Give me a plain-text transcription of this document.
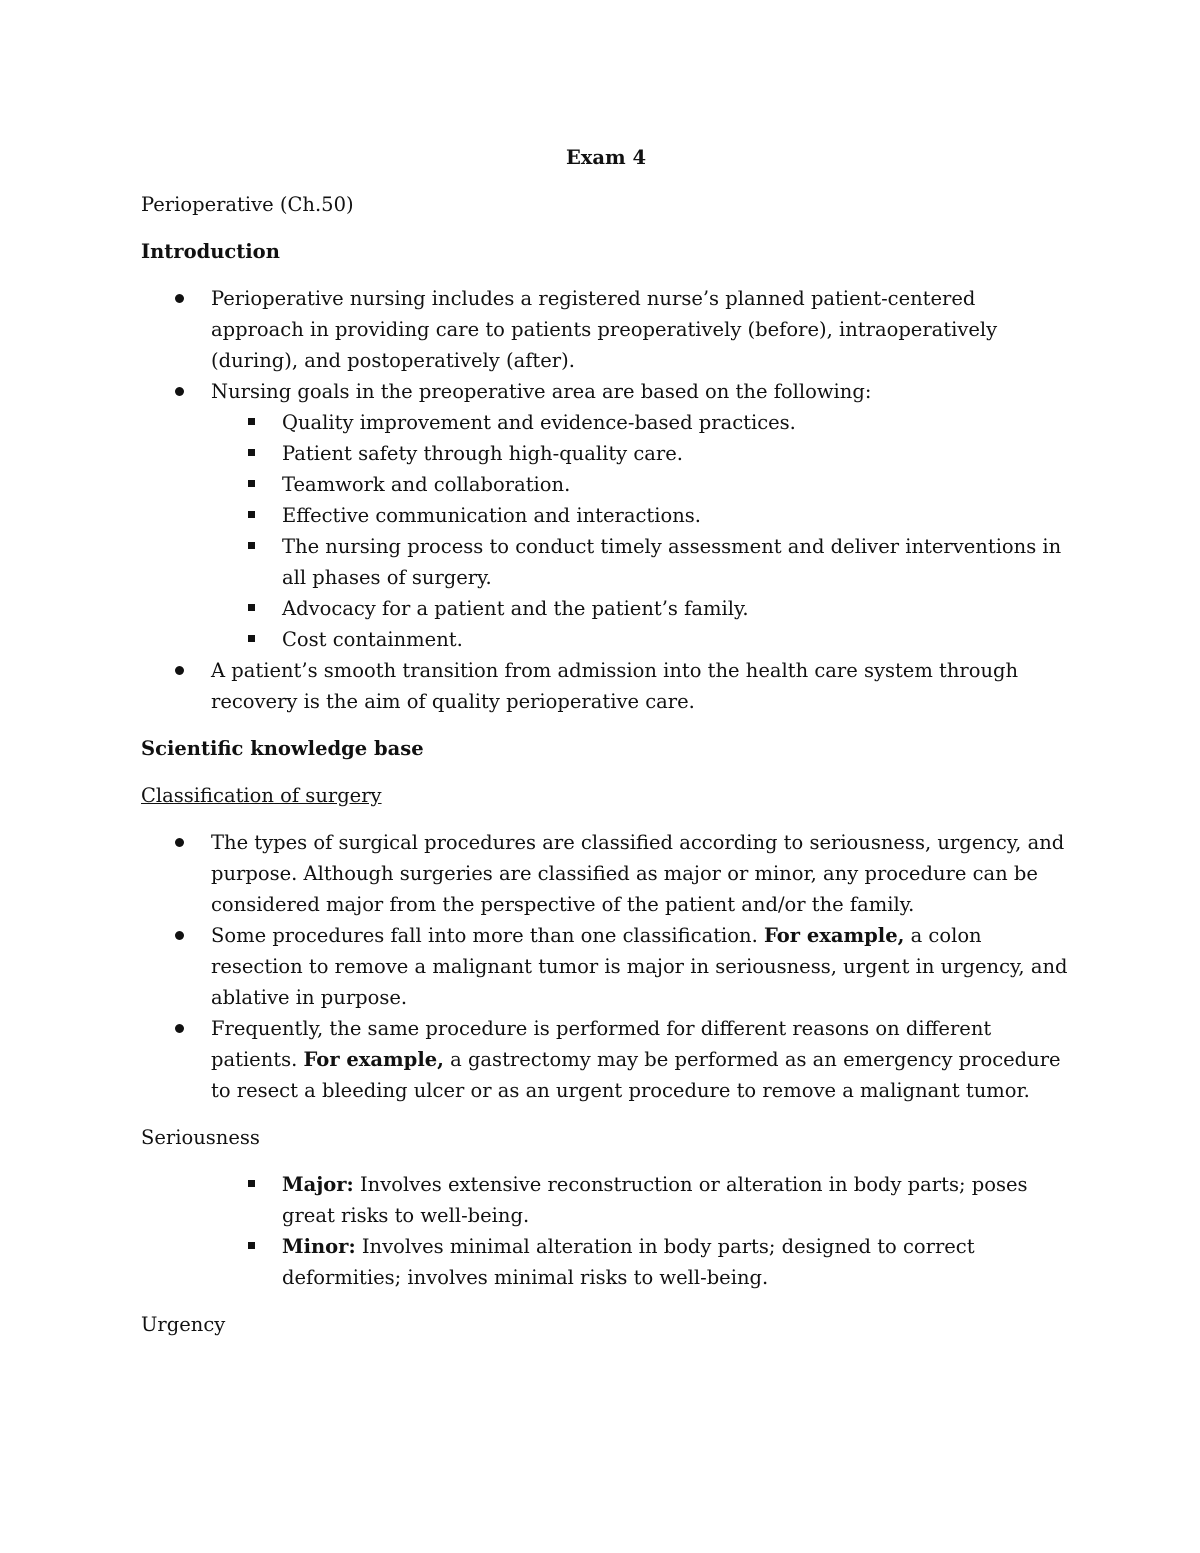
Exam 4

Perioperative (Ch.50)

Introduction

Perioperative nursing includes a registered nurse’s planned patient-centered approach in providing care to patients preoperatively (before), intraoperatively (during), and postoperatively (after).
Nursing goals in the preoperative area are based on the following:
Quality improvement and evidence-based practices.
Patient safety through high-quality care.
Teamwork and collaboration.
Effective communication and interactions.
The nursing process to conduct timely assessment and deliver interventions in all phases of surgery.
Advocacy for a patient and the patient’s family.
Cost containment.
A patient’s smooth transition from admission into the health care system through recovery is the aim of quality perioperative care.

Scientific knowledge base

Classification of surgery

The types of surgical procedures are classified according to seriousness, urgency, and purpose. Although surgeries are classified as major or minor, any procedure can be considered major from the perspective of the patient and/or the family.
Some procedures fall into more than one classification. For example, a colon resection to remove a malignant tumor is major in seriousness, urgent in urgency, and ablative in purpose.
Frequently, the same procedure is performed for different reasons on different patients. For example, a gastrectomy may be performed as an emergency procedure to resect a bleeding ulcer or as an urgent procedure to remove a malignant tumor.

Seriousness

Major: Involves extensive reconstruction or alteration in body parts; poses great risks to well-being.
Minor: Involves minimal alteration in body parts; designed to correct deformities; involves minimal risks to well-being.

Urgency
